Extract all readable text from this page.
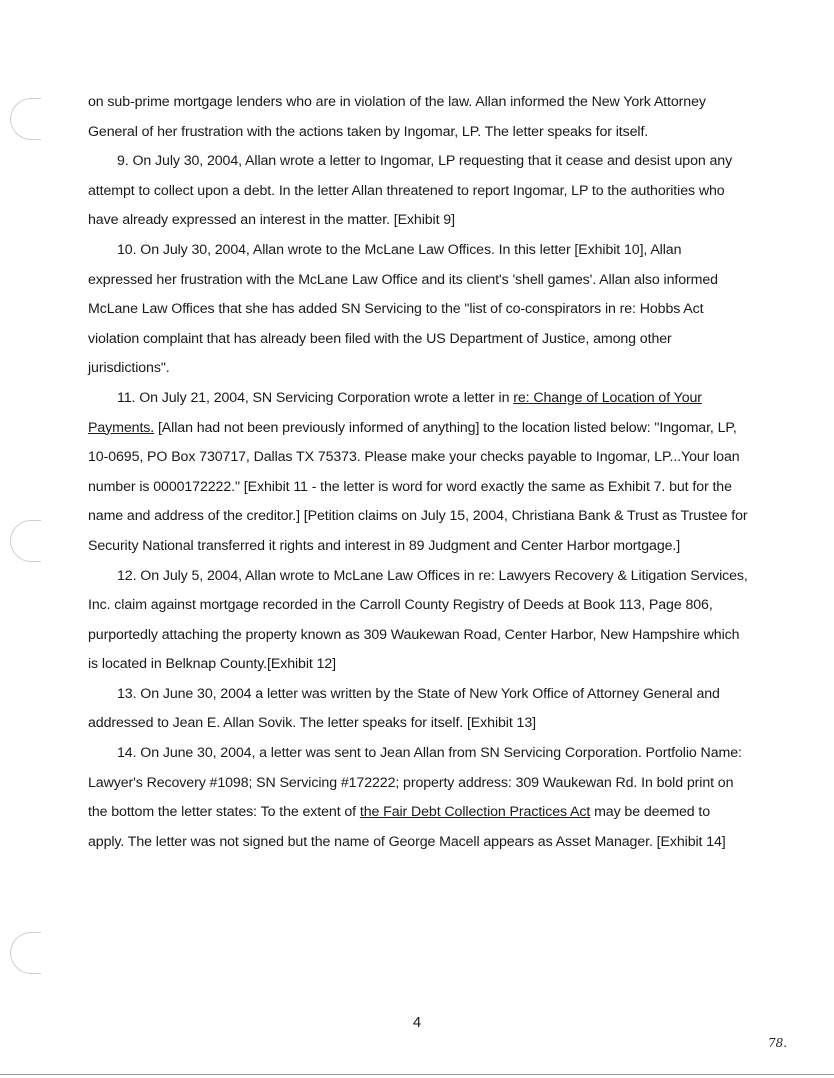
on sub-prime mortgage lenders who are in violation of the law. Allan informed the New York Attorney General of her frustration with the actions taken by Ingomar, LP. The letter speaks for itself.

9. On July 30, 2004, Allan wrote a letter to Ingomar, LP requesting that it cease and desist upon any attempt to collect upon a debt. In the letter Allan threatened to report Ingomar, LP to the authorities who have already expressed an interest in the matter. [Exhibit 9]

10. On July 30, 2004, Allan wrote to the McLane Law Offices. In this letter [Exhibit 10], Allan expressed her frustration with the McLane Law Office and its client's 'shell games'. Allan also informed McLane Law Offices that she has added SN Servicing to the "list of co-conspirators in re: Hobbs Act violation complaint that has already been filed with the US Department of Justice, among other jurisdictions".

11. On July 21, 2004, SN Servicing Corporation wrote a letter in re: Change of Location of Your Payments. [Allan had not been previously informed of anything] to the location listed below: "Ingomar, LP, 10-0695, PO Box 730717, Dallas TX 75373. Please make your checks payable to Ingomar, LP...Your loan number is 0000172222." [Exhibit 11 - the letter is word for word exactly the same as Exhibit 7. but for the name and address of the creditor.] [Petition claims on July 15, 2004, Christiana Bank & Trust as Trustee for Security National transferred it rights and interest in 89 Judgment and Center Harbor mortgage.]

12. On July 5, 2004, Allan wrote to McLane Law Offices in re: Lawyers Recovery & Litigation Services, Inc. claim against mortgage recorded in the Carroll County Registry of Deeds at Book 113, Page 806, purportedly attaching the property known as 309 Waukewan Road, Center Harbor, New Hampshire which is located in Belknap County.[Exhibit 12]

13. On June 30, 2004 a letter was written by the State of New York Office of Attorney General and addressed to Jean E. Allan Sovik. The letter speaks for itself. [Exhibit 13]

14. On June 30, 2004, a letter was sent to Jean Allan from SN Servicing Corporation. Portfolio Name: Lawyer's Recovery #1098; SN Servicing #172222; property address: 309 Waukewan Rd. In bold print on the bottom the letter states: To the extent of the Fair Debt Collection Practices Act may be deemed to apply. The letter was not signed but the name of George Macell appears as Asset Manager. [Exhibit 14]

4
78.
